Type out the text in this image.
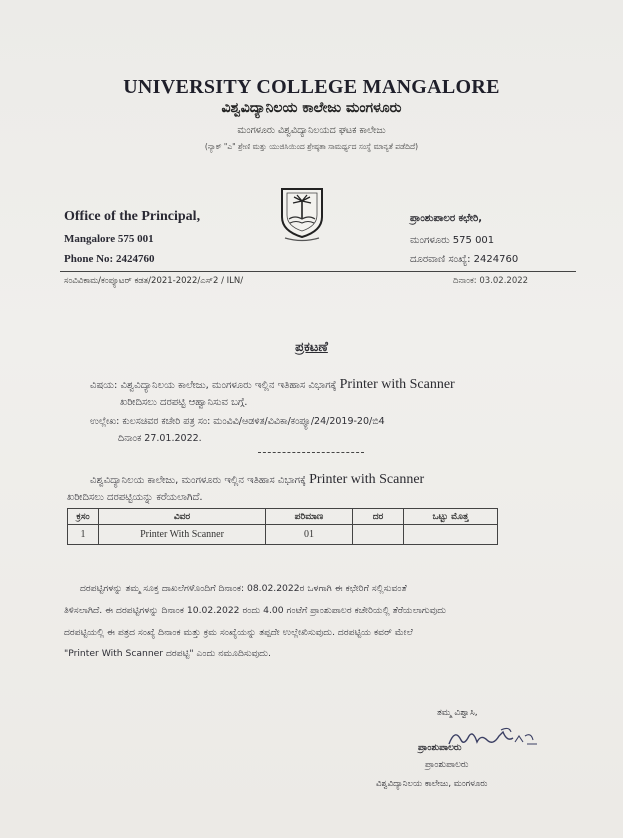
UNIVERSITY COLLEGE MANGALORE
ವಿಶ್ವವಿದ್ಯಾನಿಲಯ ಕಾಲೇಜು ಮಂಗಳೂರು
ಮಂಗಳೂರು ವಿಶ್ವವಿದ್ಯಾನಿಲಯದ ಘಟಕ ಕಾಲೇಜು
(ನ್ಯಾಕ್ "ಎ" ಶ್ರೇಣಿ ಮತ್ತು ಯುಜಿಸಿಯಿಂದ ಶ್ರೇಷ್ಠತಾ ಸಾಮರ್ಥ್ಯದ ಸಂಸ್ಥೆ ಮಾನ್ಯತೆ ಪಡೆದಿದೆ)
Office of the Principal,
Mangalore 575 001
Phone No: 2424760
ಪ್ರಾಂಶುಪಾಲರ ಕಛೇರಿ,
ಮಂಗಳೂರು 575 001
ದೂರವಾಣಿ ಸಂಖ್ಯೆ: 2424760
ಸಂವಿವಿಕಾಮ/ಕಂಪ್ಯೂಟರ್ ಕಡತ/2021-2022/ಎಸ್2 / ILN/	ದಿನಾಂಕ: 03.02.2022
ಪ್ರಕಟಣೆ
ವಿಷಯ: ವಿಶ್ವವಿದ್ಯಾನಿಲಯ ಕಾಲೇಜು, ಮಂಗಳೂರು ಇಲ್ಲಿನ ಇತಿಹಾಸ ವಿಭಾಗಕ್ಕೆ Printer with Scanner
ಖರೀದಿಸಲು ದರಪಟ್ಟಿ ಆಹ್ವಾನಿಸುವ ಬಗ್ಗೆ.
ಉಲ್ಲೇಖ: ಕುಲಸಚಿವರ ಕಚೇರಿ ಪತ್ರ ಸಂ: ಮಂವಿವಿ/ಆಡಳಿತ/ವಿವಿಕಾ/ಕಂಪ್ಯೂ/24/2019-20/ಬಿ4
ದಿನಾಂಕ 27.01.2022.
ವಿಶ್ವವಿದ್ಯಾನಿಲಯ ಕಾಲೇಜು, ಮಂಗಳೂರು ಇಲ್ಲಿನ ಇತಿಹಾಸ ವಿಭಾಗಕ್ಕೆ Printer with Scanner
ಖರೀದಿಸಲು ದರಪಟ್ಟಿಯನ್ನು ಕರೆಯಲಾಗಿದೆ.
ಕ್ರಸಂ	ವಿವರ	ಪರಿಮಾಣ	ದರ	ಒಟ್ಟು ಮೊತ್ತ
1	Printer With Scanner	01		
ದರಪಟ್ಟಿಗಳನ್ನು ತಮ್ಮ ಸೂಕ್ತ ದಾಖಲೆಗಳೊಂದಿಗೆ ದಿನಾಂಕ: 08.02.2022ರ ಒಳಗಾಗಿ ಈ ಕಛೇರಿಗೆ ಸಲ್ಲಿಸುವಂತೆ
ತಿಳಿಸಲಾಗಿದೆ. ಈ ದರಪಟ್ಟಿಗಳನ್ನು ದಿನಾಂಕ 10.02.2022 ರಂದು 4.00 ಗಂಟೆಗೆ ಪ್ರಾಂಶುಪಾಲರ ಕಚೇರಿಯಲ್ಲಿ ತೆರೆಯಲಾಗುವುದು
ದರಪಟ್ಟಿಯಲ್ಲಿ ಈ ಪತ್ರದ ಸಂಖ್ಯೆ ದಿನಾಂಕ ಮತ್ತು ಕ್ರಮ ಸಂಖ್ಯೆಯನ್ನು ತಪ್ಪದೇ ಉಲ್ಲೇಖಿಸುವುದು. ದರಪಟ್ಟಿಯ ಕವರ್ ಮೇಲೆ
"Printer With Scanner ದರಪಟ್ಟಿ" ಎಂದು ನಮೂದಿಸುವುದು.
ತಮ್ಮ ವಿಶ್ವಾಸಿ,
ಪ್ರಾಂಶುಪಾಲರು
ಪ್ರಾಂಶುಪಾಲರು
ವಿಶ್ವವಿದ್ಯಾನಿಲಯ ಕಾಲೇಜು, ಮಂಗಳೂರು
